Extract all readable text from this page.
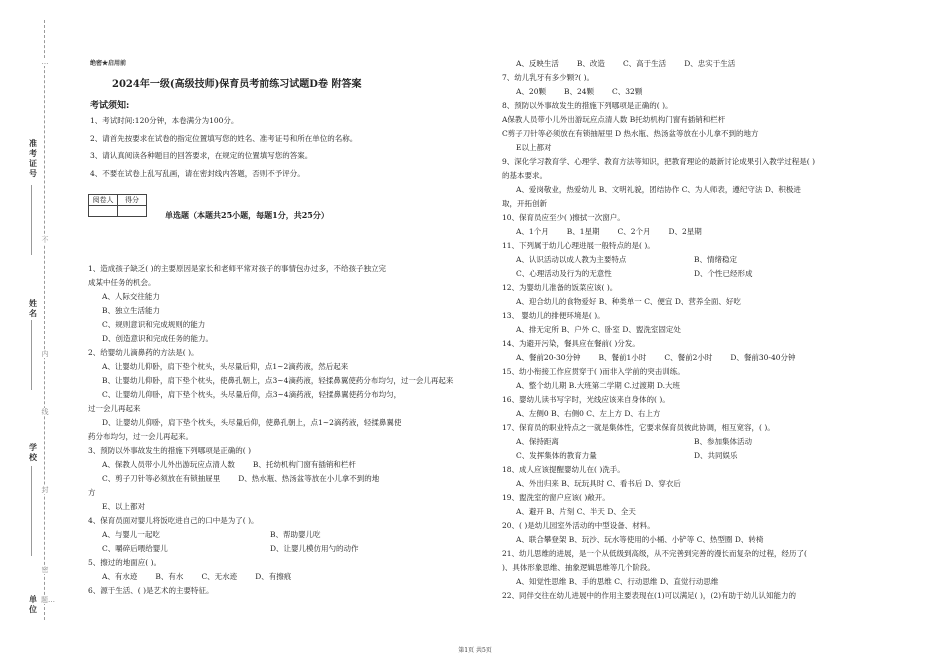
…
准考证号
不
姓名
内
线
学校
封
密
单位
题…

绝密★启用前

2024年一级(高级技师)保育员考前练习试题D卷 附答案

考试须知:

1、考试时间:120分钟，本卷满分为100分。
2、请首先按要求在试卷的指定位置填写您的姓名、准考证号和所在单位的名称。
3、请认真阅读各种题目的回答要求，在规定的位置填写您的答案。
4、不要在试卷上乱写乱画，请在密封线内答题，否则不予评分。
阅卷人	得分

单选题（本题共25小题，每题1分，共25分）

1、造成孩子缺乏( )的主要原因是家长和老师平常对孩子的事情包办过多，不给孩子独立完

成某中任务的机会。

A、人际交往能力

B、独立生活能力

C、规则意识和完成规则的能力

D、创造意识和完成任务的能力。

2、给婴幼儿滴鼻药的方法是( )。

A、让婴幼儿仰卧，肩下垫个枕头，头尽量后仰，点1~2滴药液，然后起来

B、让婴幼儿仰卧，肩下垫个枕头，使鼻孔朝上，点3~4滴药液，轻揉鼻翼使药分布均匀，过一会儿再起来

C、让婴幼儿仰卧，肩下垫个枕头，头尽量后仰，点3~4滴药液，轻揉鼻翼使药分布均匀，

过一会儿再起来

D、让婴幼儿仰卧，肩下垫个枕头，头尽量后仰，使鼻孔朝上，点1~2滴药液，轻揉鼻翼使

药分布均匀，过一会儿再起来。

3、预防以外事故发生的措施下列哪项是正确的( )

A、保教人员带小儿外出游玩应点清人数 B、托幼机构门窗有插销和栏杆

C、剪子刀针等必须放在有锁抽屉里 D、热水瓶、热汤盆等放在小儿拿不到的地

方

E、以上都对

4、保育员面对婴儿将饭吃进自己的口中是为了( )。

A、与婴儿一起吃	B、帮助婴儿吃

C、嚼碎后喂给婴儿	D、让婴儿模仿用勺的动作

5、擦过的地面应( )。

A、有水迹 B、有水 C、无水迹 D、有擦痕

6、源于生活、( )是艺术的主要特征。

A、反映生活 B、改造 C、高于生活 D、忠实于生活

7、幼儿乳牙有多少颗?( )。

A、20颗 B、24颗 C、32颗

8、预防以外事故发生的措施下列哪项是正确的( )。

A保教人员带小儿外出游玩应点清人数 B托幼机构门窗有插销和栏杆

C剪子刀针等必须放在有锁抽屉里 D 热水瓶、热汤盆等放在小儿拿不到的地方

E以上都对

9、深化学习教育学、心理学、教育方法等知识，把教育理论的最新讨论成果引入教学过程是( )

的基本要求。

A、爱岗敬业，热爱幼儿 B、文明礼貌，团结协作 C、为人师表，遵纪守法 D、积极进

取，开拓创新

10、保育员应至少( )擦拭一次窗户。

A、1个月 B、1星期 C、2个月 D、2星期

11、下列属于幼儿心理进展一般特点的是( )。

A、认识活动以成人教为主要特点	B、情绪稳定

C、心理活动及行为的无意性	D、个性已经形成

12、为婴幼儿准备的饭菜应该( )。

A、迎合幼儿的食物爱好 B、种类单一 C、便宜 D、营养全面、好吃

13、 婴幼儿的排便环境是( )。

A、排无定所 B、户外 C、卧室 D、盥洗室固定处

14、为避开污染，餐具应在餐前( )分发。

A、餐前20-30分钟 B、餐前1小时 C、餐前2小时 D、餐前30-40分钟

15、幼小衔接工作应贯穿于( )而非入学前的突击训练。

A、整个幼儿期 B.大班第二学期 C.过渡期 D.大班

16、婴幼儿读书写字时，光线应该来自身体的( )。

A、左侧0 B、右侧0 C、左上方 D、右上方

17、保育员的职业特点之一就是集体性，它要求保育员彼此协调，相互宽容，( )。

A、保持距离	B、参加集体活动

C、发挥集体的教育力量	D、共同娱乐

18、成人应该提醒婴幼儿在( )洗手。

A、外出归来 B、玩玩具时 C、看书后 D、穿衣后

19、盥洗室的窗户应该( )敞开。

A、避开 B、片刻 C、半天 D、全天

20、( )是幼儿园室外活动的中型设备、材料。

A、联合攀登架 B、玩沙、玩水等使用的小桶、小铲等 C、热型圈 D、转椅

21、幼儿思维的进展，是一个从低级到高级，从不完善到完善的漫长而复杂的过程，经历了(

)、具体形象思维、抽象逻辑思维等几个阶段。

A、知觉性思维 B、手的思维 C、行动思维 D、直觉行动思维

22、同伴交往在幼儿进展中的作用主要表现在(1)可以满足( )，(2)有助于幼儿认知能力的

第1页 共5页
